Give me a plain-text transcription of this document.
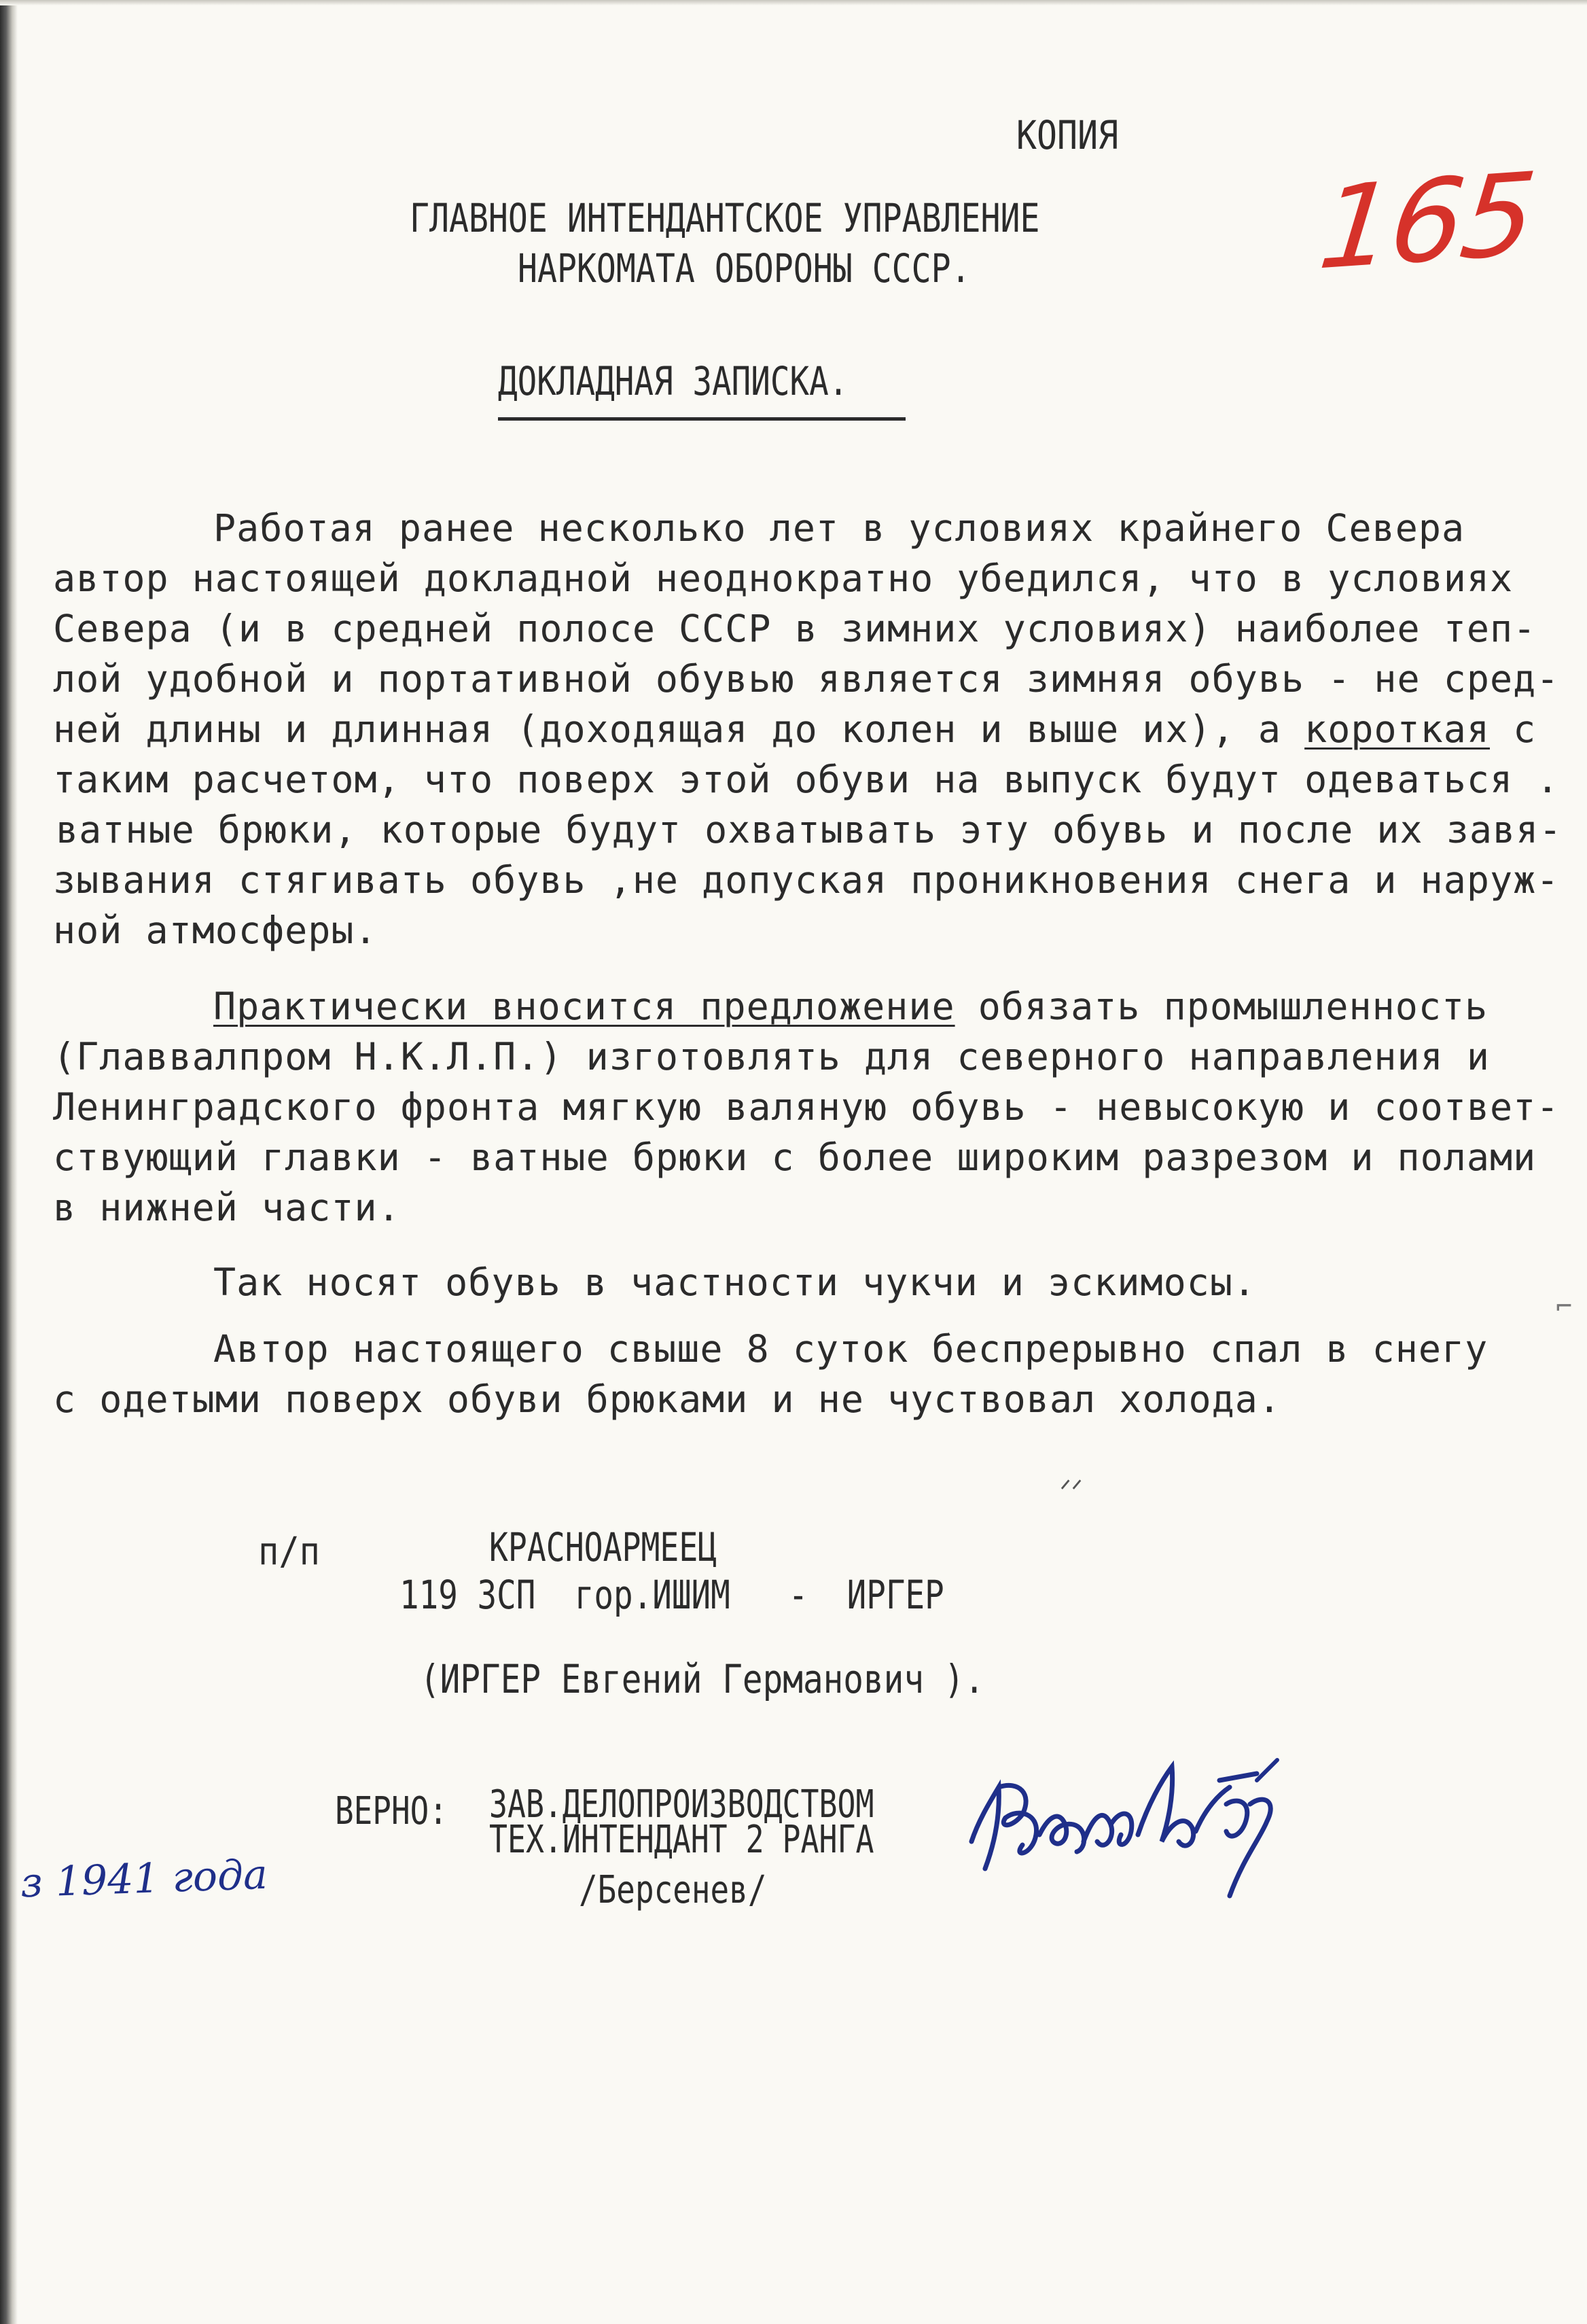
КОПИЯ
ГЛАВНОЕ ИНТЕНДАНТСКОЕ УПРАВЛЕНИЕ
НАРКОМАТА ОБОРОНЫ СССР.	165
ДОКЛАДНАЯ ЗАПИСКА.
Работая ранее несколько лет в условиях крайнего Севера
автор настоящей докладной неоднократно убедился, что в условиях
Севера (и в средней полосе СССР в зимних условиях) наиболее теп-
лой удобной и портативной обувью является зимняя обувь - не сред-
ней длины и длинная (доходящая до колен и выше их), а короткая с
таким расчетом, что поверх этой обуви на выпуск будут одеваться .
ватные брюки, которые будут охватывать эту обувь и после их завя-
зывания стягивать обувь ,не допуская проникновения снега и наруж-
ной атмосферы.
Практически вносится предложение обязать промышленность
(Главвалпром Н.К.Л.П.) изготовлять для северного направления и
Ленинградского фронта мягкую валяную обувь - невысокую и соответ-
ствующий главки - ватные брюки с более широким разрезом и полами
в нижней части.
Так носят обувь в частности чукчи и эскимосы.
Автор настоящего свыше 8 суток беспрерывно спал в снегу
с одетыми поверх обуви брюками и не чуствовал холода.
ᐟᐟ
п/п	КРАСНОАРМЕЕЦ
119 ЗСП  гор.ИШИМ   -  ИРГЕР
(ИРГЕР Евгений Германович ).
ВЕРНО:	ЗАВ.ДЕЛОПРОИЗВОДСТВОМ
ТЕХ.ИНТЕНДАНТ 2 РАНГА
/Берсенев/
з 1941 года
⌐
